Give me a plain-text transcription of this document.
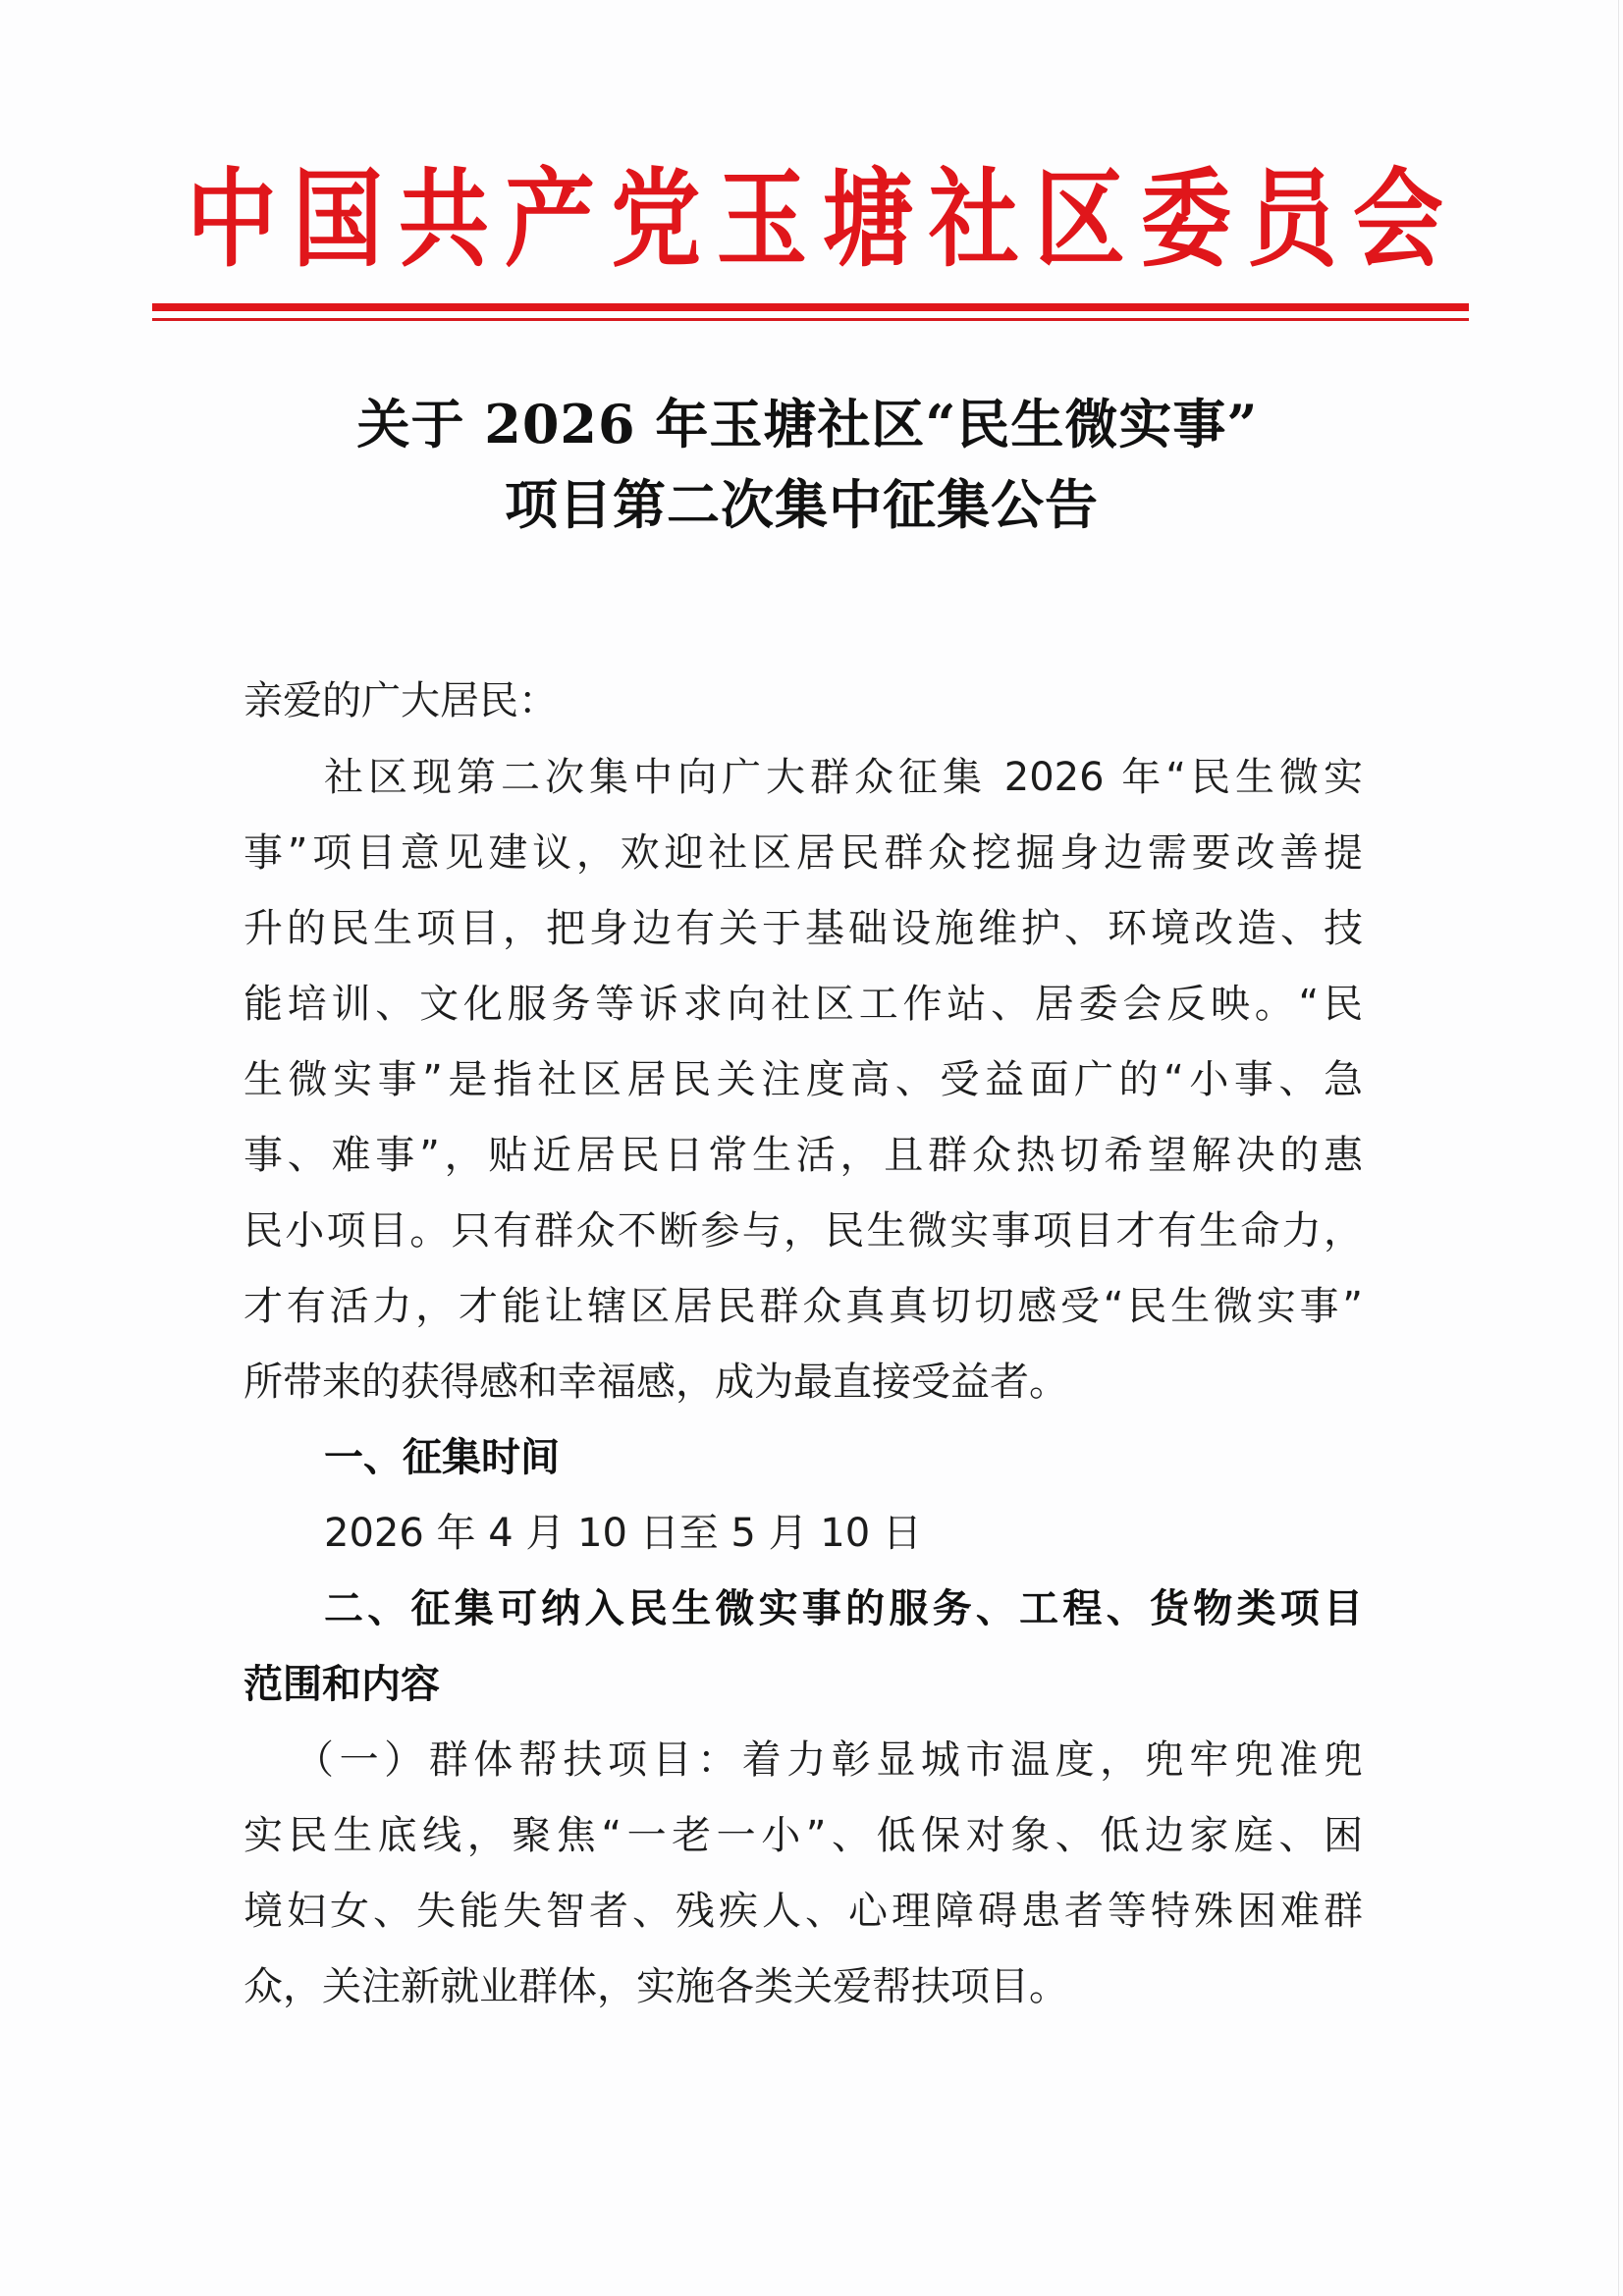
中 国 共 产 党 玉 塘 社 区 委 员 会
关于 2026 年玉塘社区“民生微实事”
项目第二次集中征集公告
亲爱的广大居民：
社区现第二次集中向广大群众征集 2026 年“民生微实
事”项目意见建议，欢迎社区居民群众挖掘身边需要改善提
升的民生项目，把身边有关于基础设施维护、环境改造、技
能培训、文化服务等诉求向社区工作站、居委会反映。“民
生微实事”是指社区居民关注度高、受益面广的“小事、急
事、难事”，贴近居民日常生活，且群众热切希望解决的惠
民小项目。只有群众不断参与，民生微实事项目才有生命力，
才有活力，才能让辖区居民群众真真切切感受“民生微实事”
所带来的获得感和幸福感，成为最直接受益者。
一、征集时间
2026 年 4 月 10 日至 5 月 10 日
二、征集可纳入民生微实事的服务、工程、货物类项目
范围和内容
（一）群体帮扶项目：着力彰显城市温度，兜牢兜准兜
实民生底线，聚焦“一老一小”、低保对象、低边家庭、困
境妇女、失能失智者、残疾人、心理障碍患者等特殊困难群
众，关注新就业群体，实施各类关爱帮扶项目。
